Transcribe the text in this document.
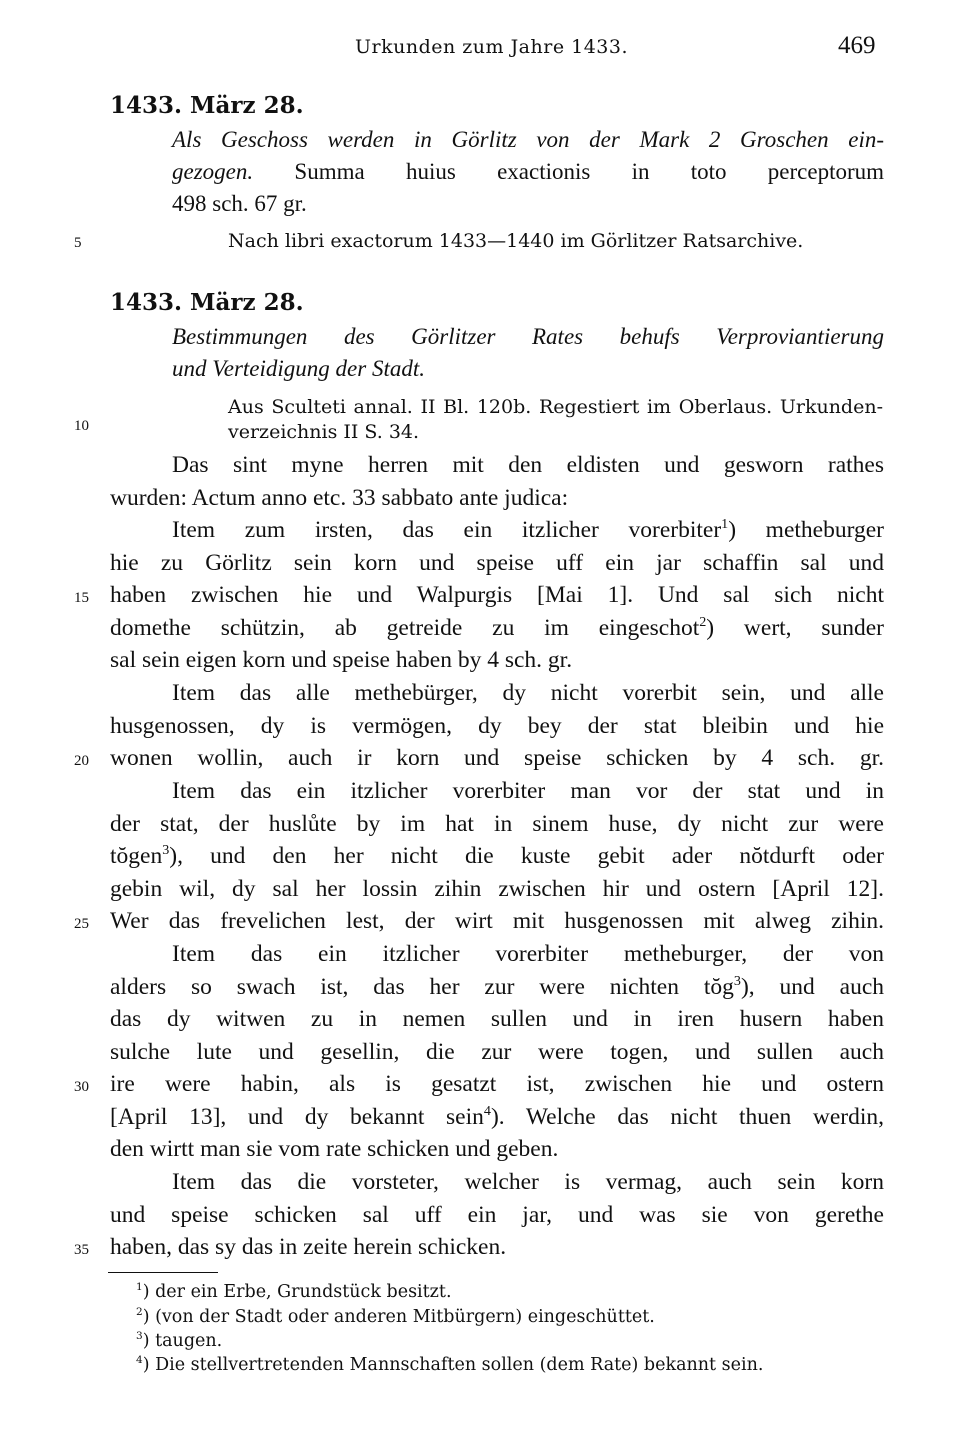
Urkunden zum Jahre 1433.	469
1433. März 28.
Als Geschoss werden in Görlitz von der Mark 2 Groschen ein-
gezogen. Summa huius exactionis in toto perceptorum
498 sch. 67 gr.
Nach libri exactorum 1433—1440 im Görlitzer Ratsarchive.
1433. März 28.
Bestimmungen des Görlitzer Rates behufs Verproviantierung
und Verteidigung der Stadt.
Aus Sculteti annal. II Bl. 120b. Regestiert im Oberlaus. Urkunden-
verzeichnis II S. 34.
Das sint myne herren mit den eldisten und gesworn rathes
wurden: Actum anno etc. 33 sabbato ante judica:
Item zum irsten, das ein itzlicher vorerbiter$^1$) metheburger
hie zu Görlitz sein korn und speise uff ein jar schaffin sal und
haben zwischen hie und Walpurgis [Mai 1]. Und sal sich nicht
domethe schützin, ab getreide zu im eingeschot$^2$) wert, sunder
sal sein eigen korn und speise haben by 4 sch. gr.
Item das alle methebürger, dy nicht vorerbit sein, und alle
husgenossen, dy is vermögen, dy bey der stat bleibin und hie
wonen wollin, auch ir korn und speise schicken by 4 sch. gr.
Item das ein itzlicher vorerbiter man vor der stat und in
der stat, der huslůte by im hat in sinem huse, dy nicht zur were
tŏgen$^3$), und den her nicht die kuste gebit ader nŏtdurft oder
gebin wil, dy sal her lossin zihin zwischen hir und ostern [April 12].
Wer das frevelichen lest, der wirt mit husgenossen mit alweg zihin.
Item das ein itzlicher vorerbiter metheburger, der von
alders so swach ist, das her zur were nichten tŏg$^3$), und auch
das dy witwen zu in nemen sullen und in iren husern haben
sulche lute und gesellin, die zur were togen, und sullen auch
ire were habin, als is gesatzt ist, zwischen hie und ostern
[April 13], und dy bekannt sein$^4$). Welche das nicht thuen werdin,
den wirtt man sie vom rate schicken und geben.
Item das die vorsteter, welcher is vermag, auch sein korn
und speise schicken sal uff ein jar, und was sie von gerethe
haben, das sy das in zeite herein schicken.
5
10
15
20
25
30
35
$^1$) der ein Erbe, Grundstück besitzt.
$^2$) (von der Stadt oder anderen Mitbürgern) eingeschüttet.
$^3$) taugen.
$^4$) Die stellvertretenden Mannschaften sollen (dem Rate) bekannt sein.
